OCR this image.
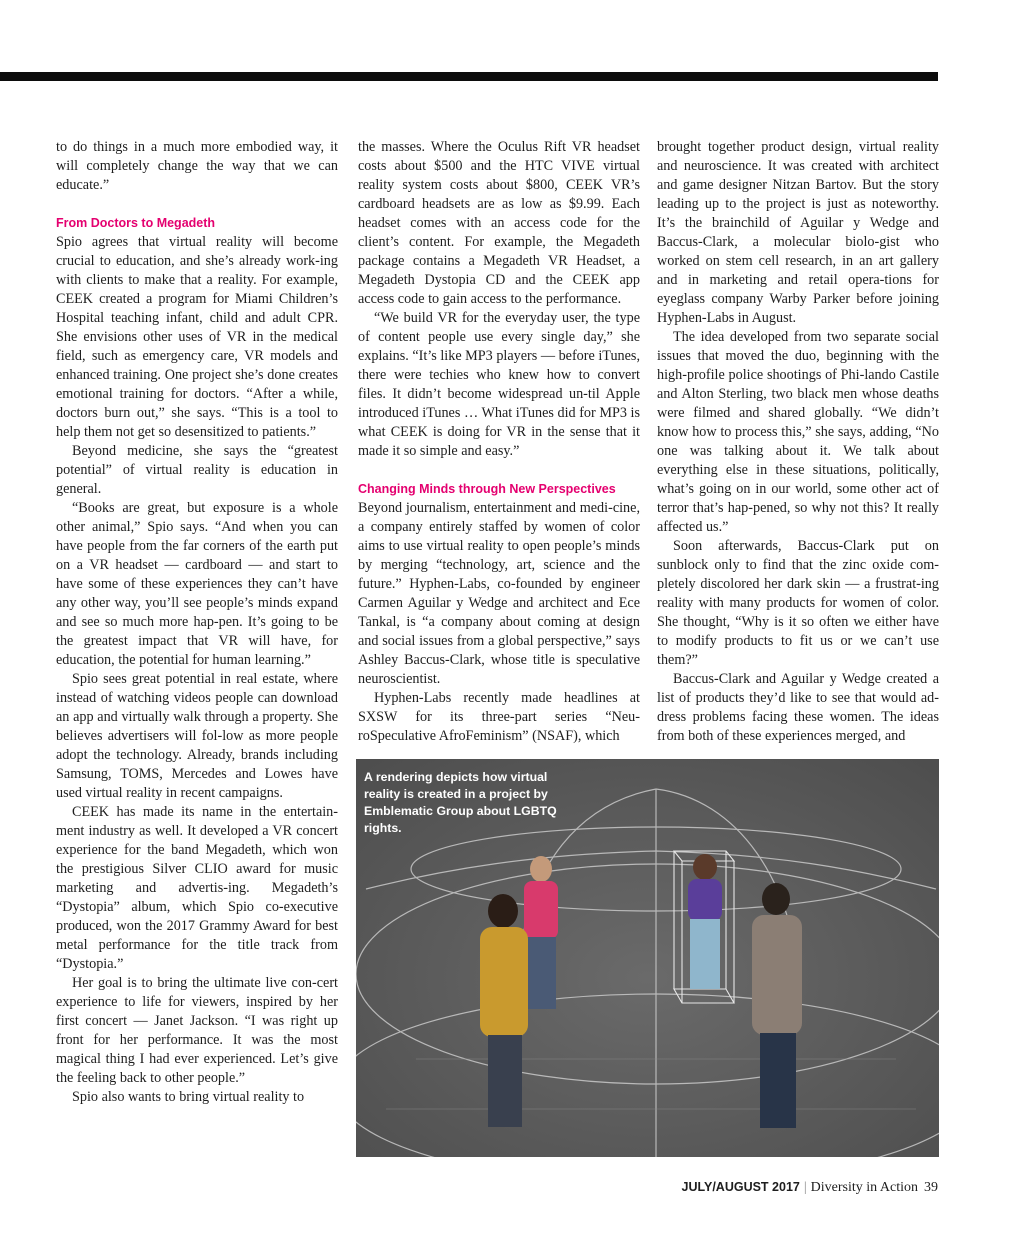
to do things in a much more embodied way, it will completely change the way that we can educate.”

From Doctors to Megadeth

Spio agrees that virtual reality will become crucial to education, and she’s already work-ing with clients to make that a reality. For example, CEEK created a program for Miami Children’s Hospital teaching infant, child and adult CPR. She envisions other uses of VR in the medical field, such as emergency care, VR models and enhanced training. One project she’s done creates emotional training for doctors. “After a while, doctors burn out,” she says. “This is a tool to help them not get so desensitized to patients.”

Beyond medicine, she says the “greatest potential” of virtual reality is education in general.

“Books are great, but exposure is a whole other animal,” Spio says. “And when you can have people from the far corners of the earth put on a VR headset — cardboard — and start to have some of these experiences they can’t have any other way, you’ll see people’s minds expand and see so much more hap-pen. It’s going to be the greatest impact that VR will have, for education, the potential for human learning.”

Spio sees great potential in real estate, where instead of watching videos people can download an app and virtually walk through a property. She believes advertisers will fol-low as more people adopt the technology. Already, brands including Samsung, TOMS, Mercedes and Lowes have used virtual reality in recent campaigns.

CEEK has made its name in the entertain-ment industry as well. It developed a VR concert experience for the band Megadeth, which won the prestigious Silver CLIO award for music marketing and advertis-ing. Megadeth’s “Dystopia” album, which Spio co-executive produced, won the 2017 Grammy Award for best metal performance for the title track from “Dystopia.”

Her goal is to bring the ultimate live con-cert experience to life for viewers, inspired by her first concert — Janet Jackson. “I was right up front for her performance. It was the most magical thing I had ever experienced. Let’s give the feeling back to other people.”

Spio also wants to bring virtual reality to

the masses. Where the Oculus Rift VR headset costs about $500 and the HTC VIVE virtual reality system costs about $800, CEEK VR’s cardboard headsets are as low as $9.99. Each headset comes with an access code for the client’s content. For example, the Megadeth package contains a Megadeth VR Headset, a Megadeth Dystopia CD and the CEEK app access code to gain access to the performance.

“We build VR for the everyday user, the type of content people use every single day,” she explains. “It’s like MP3 players — before iTunes, there were techies who knew how to convert files. It didn’t become widespread un-til Apple introduced iTunes … What iTunes did for MP3 is what CEEK is doing for VR in the sense that it made it so simple and easy.”

Changing Minds through New Perspectives

Beyond journalism, entertainment and medi-cine, a company entirely staffed by women of color aims to use virtual reality to open people’s minds by merging “technology, art, science and the future.” Hyphen-Labs, co-founded by engineer Carmen Aguilar y Wedge and architect and Ece Tankal, is “a company about coming at design and social issues from a global perspective,” says Ashley Baccus-Clark, whose title is speculative neuroscientist.

Hyphen-Labs recently made headlines at SXSW for its three-part series “Neu-roSpeculative AfroFeminism” (NSAF), which

brought together product design, virtual reality and neuroscience. It was created with architect and game designer Nitzan Bartov. But the story leading up to the project is just as noteworthy. It’s the brainchild of Aguilar y Wedge and Baccus-Clark, a molecular biolo-gist who worked on stem cell research, in an art gallery and in marketing and retail opera-tions for eyeglass company Warby Parker before joining Hyphen-Labs in August.

The idea developed from two separate social issues that moved the duo, beginning with the high-profile police shootings of Phi-lando Castile and Alton Sterling, two black men whose deaths were filmed and shared globally. “We didn’t know how to process this,” she says, adding, “No one was talking about it. We talk about everything else in these situations, politically, what’s going on in our world, some other act of terror that’s hap-pened, so why not this? It really affected us.”

Soon afterwards, Baccus-Clark put on sunblock only to find that the zinc oxide com-pletely discolored her dark skin — a frustrat-ing reality with many products for women of color. She thought, “Why is it so often we either have to modify products to fit us or we can’t use them?”

Baccus-Clark and Aguilar y Wedge created a list of products they’d like to see that would ad-dress problems facing these women. The ideas from both of these experiences merged, and

A rendering depicts how virtual reality is created in a project by Emblematic Group about LGBTQ rights.
JULY/AUGUST 2017 | Diversity in Action 39
